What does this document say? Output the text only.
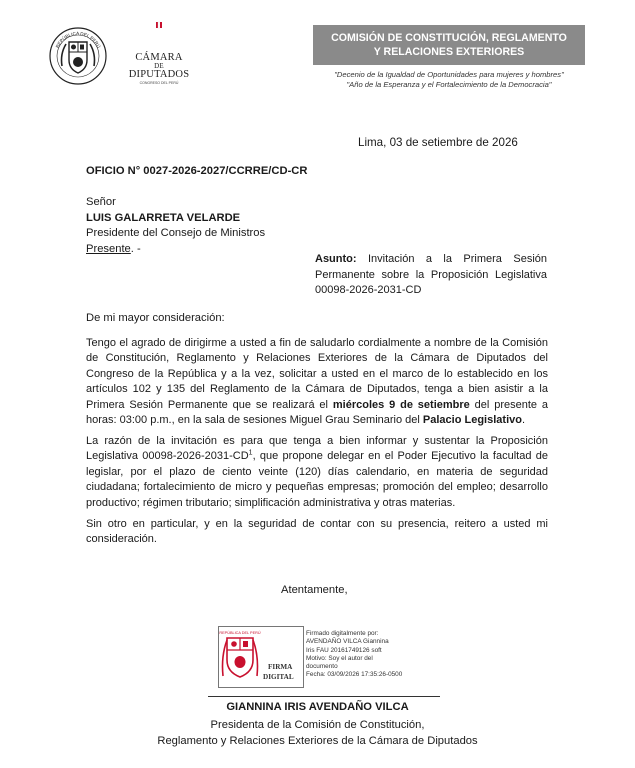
REPÚBLICA DEL PERÚ
CÁMARA
DE
DIPUTADOS
CONGRESO DEL PERÚ
COMISIÓN DE CONSTITUCIÓN, REGLAMENTO
Y RELACIONES EXTERIORES
"Decenio de la Igualdad de Oportunidades para mujeres y hombres"
"Año de la Esperanza y el Fortalecimiento de la Democracia"
Lima, 03 de setiembre de 2026
OFICIO N° 0027-2026-2027/CCRRE/CD-CR
Señor
LUIS GALARRETA VELARDE
Presidente del Consejo de Ministros
Presente. -
Asunto: Invitación a la Primera Sesión Permanente sobre la Proposición Legislativa 00098-2026-2031-CD
De mi mayor consideración:

Tengo el agrado de dirigirme a usted a fin de saludarlo cordialmente a nombre de la Comisión de Constitución, Reglamento y Relaciones Exteriores de la Cámara de Diputados del Congreso de la República y a la vez, solicitar a usted en el marco de lo establecido en los artículos 102 y 135 del Reglamento de la Cámara de Diputados, tenga a bien asistir a la Primera Sesión Permanente que se realizará el miércoles 9 de setiembre del presente a horas: 03:00 p.m., en la sala de sesiones Miguel Grau Seminario del Palacio Legislativo.

La razón de la invitación es para que tenga a bien informar y sustentar la Proposición Legislativa $00098-2026-2031-CD^1$, que propone delegar en el Poder Ejecutivo la facultad de legislar, por el plazo de ciento veinte (120) días calendario, en materia de seguridad ciudadana; fortalecimiento de micro y pequeñas empresas; promoción del empleo; desarrollo productivo; régimen tributario; simplificación administrativa y otras materias.

Sin otro en particular, y en la seguridad de contar con su presencia, reitero a usted mi consideración.

Atentamente,
REPÚBLICA DEL PERÚ
FIRMA
DIGITAL
Firmado digitalmente por:
AVENDAÑO VILCA Giannina
Iris FAU 20161749126 soft
Motivo: Soy el autor del
documento
Fecha: 03/09/2026 17:35:26-0500
GIANNINA IRIS AVENDAÑO VILCA
Presidenta de la Comisión de Constitución,
Reglamento y Relaciones Exteriores de la Cámara de Diputados
